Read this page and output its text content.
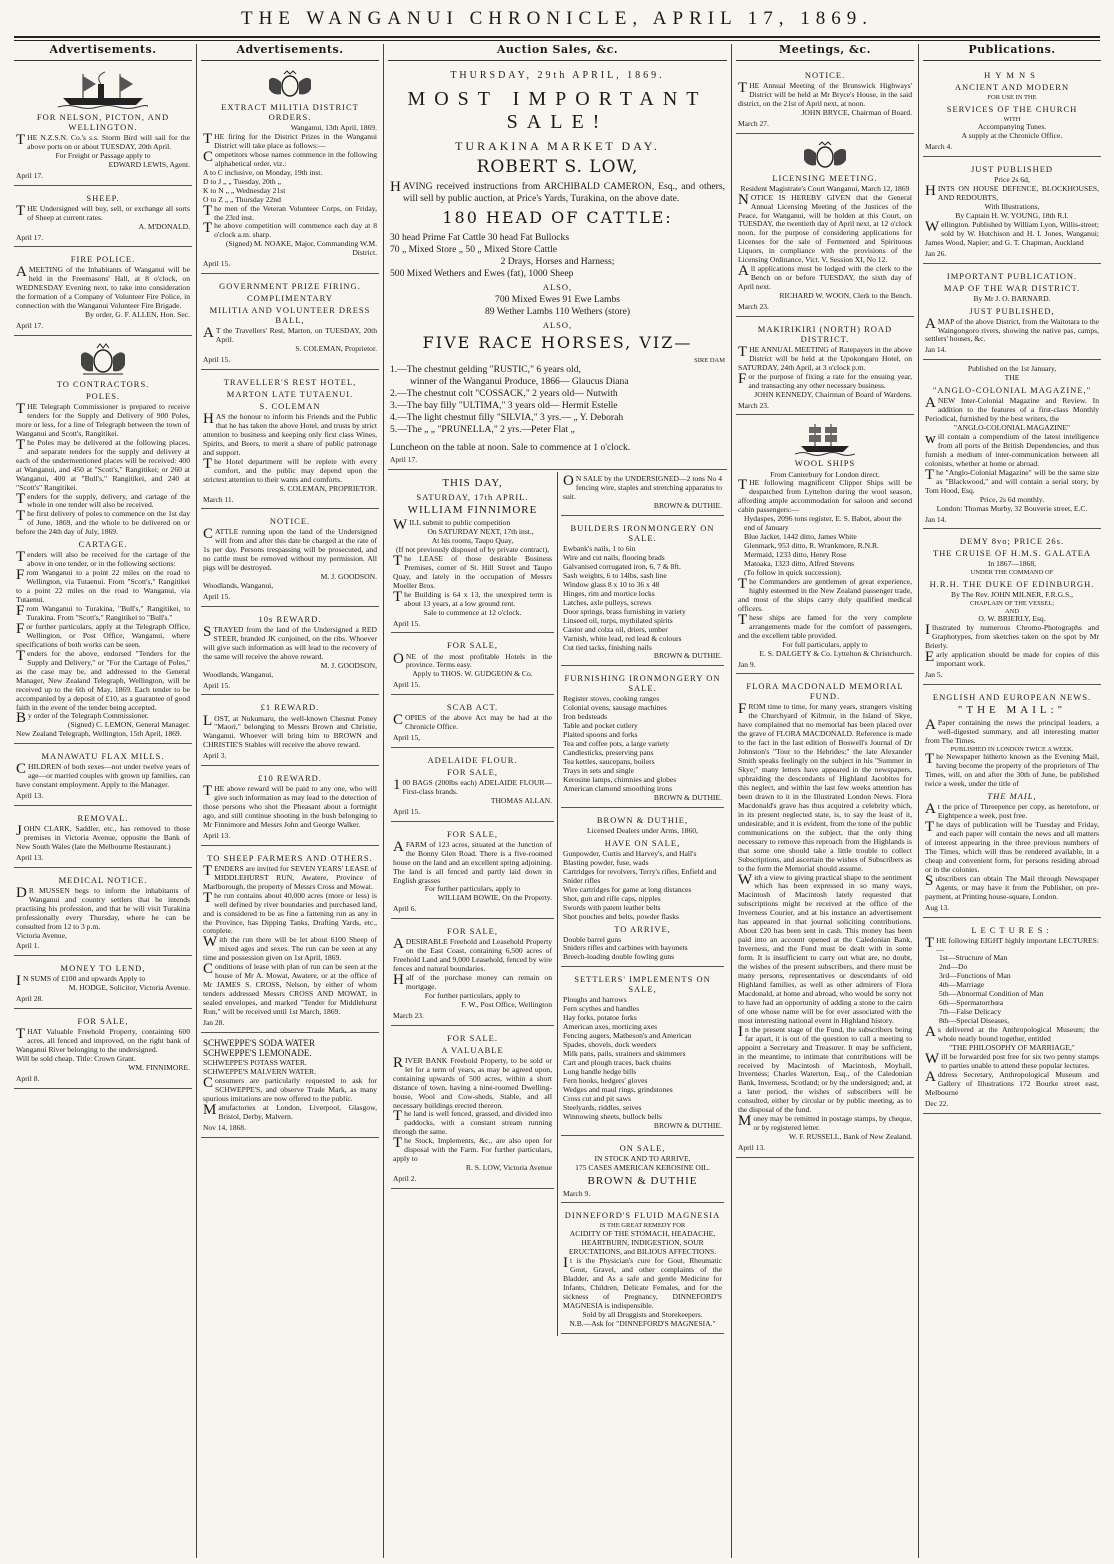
THE WANGANUI CHRONICLE, APRIL 17, 1869.
Advertisements.
FOR NELSON, PICTON, AND WELLINGTON.
THE N.Z.S.N. Co.'s s.s. Storm Bird will sail for the above ports on or about TUESDAY, 20th April.
For Freight or Passage apply to
EDWARD LEWIS, Agent.
April 17.
SHEEP.
THE Undersigned will buy, sell, or exchange all sorts of Sheep at current rates.
A. M'DONALD.
April 17.
FIRE POLICE.
AMEETING of the Inhabitants of Wanganui will be held in the Freemasons' Hall, at 8 o'clock, on WEDNESDAY Evening next, to take into consideration the formation of a Company of Volunteer Fire Police, in connection with the Wanganui Volunteer Fire Brigade.
By order, G. F. ALLEN, Hon. Sec.
April 17.
TO CONTRACTORS.
POLES.
THE Telegraph Commissioner is prepared to receive tenders for the Supply and Delivery of 900 Poles, more or less, for a line of Telegraph between the town of Wanganui and Scott's, Rangitikei.
The Poles may be delivered at the following places, and separate tenders for the supply and delivery at each of the undermentioned places will be received: 400 at Wanganui, and 450 at "Scott's," Rangitikei; or 260 at Wanganui, 400 at "Bull's," Rangitikei, and 240 at "Scott's" Rangitikei.
Tenders for the supply, delivery, and cartage of the whole in one tender will also be received.
The first delivery of poles to commence on the 1st day of June, 1869, and the whole to be delivered on or before the 24th day of July, 1869.
CARTAGE.
Tenders will also be received for the cartage of the above in one tender, or in the following sections:
From Wanganui to a point 22 miles on the road to Wellington, via Tutaenui. From "Scott's," Rangitikei to a point 22 miles on the road to Wanganui, via Tutaenui.
From Wanganui to Turakina, "Bull's," Rangitikei, to Turakina. From "Scott's," Rangitikei to "Bull's."
For further particulars, apply at the Telegraph Office, Wellington, or Post Office, Wanganui, where specifications of both works can be seen.
Tenders for the above, endorsed "Tenders for the Supply and Delivery," or "For the Cartage of Poles," as the case may be, and addressed to the General Manager, New Zealand Telegraph, Wellington, will be received up to the 6th of May, 1869. Each tender to be accompanied by a deposit of £10, as a guarantee of good faith in the event of the tender being accepted.
By order of the Telegraph Commissioner.
(Signed) C. LEMON, General Manager.
New Zealand Telegraph, Wellington, 15th April, 1869.
MANAWATU FLAX MILLS.
CHILDREN of both sexes—not under twelve years of age—or married couples with grown up families, can have constant employment. Apply to the Manager.
April 13.
REMOVAL.
JOHN CLARK, Saddler, etc., has removed to those premises in Victoria Avenue, opposite the Bank of New South Wales (late the Melbourne Restaurant.)
April 13.
MEDICAL NOTICE.
DR MUSSEN begs to inform the inhabitants of Wanganui and country settlers that he intends practising his profession, and that he will visit Turakina professionally every Thursday, where he can be consulted from 12 to 3 p.m.
Victoria Avenue,
April 1.
MONEY TO LEND,
IN SUMS of £100 and upwards Apply to
M. HODGE, Solicitor, Victoria Avenue.
April 28.
FOR SALE,
THAT Valuable Freehold Property, containing 600 acres, all fenced and improved, on the right bank of Wanganui River belonging to the undersigned.
Will be sold cheap. Title: Crown Grant.
WM. FINNIMORE.
April 8.
Advertisements.
EXTRACT MILITIA DISTRICT ORDERS.
Wanganui, 13th April, 1869.
THE firing for the District Prizes in the Wanganui District will take place as follows:—
Competitors whose names commence in the following alphabetical order, viz.:
A to C inclusive, on Monday, 19th inst.
D to J „ „ Tuesday, 20th „
K to N „ „ Wednesday 21st
O to Z „ „ Thursday 22nd
The men of the Veteran Volunteer Corps, on Friday, the 23rd inst.
The above competition will commence each day at 8 o'clock a.m. sharp.
(Signed) M. NOAKE, Major, Commanding W.M. District.
April 15.
GOVERNMENT PRIZE FIRING.
COMPLIMENTARY
MILITIA AND VOLUNTEER DRESS BALL,
AT the Travellers' Rest, Marton, on TUESDAY, 20th April.
S. COLEMAN, Proprietor.
April 15.
TRAVELLER'S REST HOTEL,
MARTON LATE TUTAENUI.
S. COLEMAN
HAS the honour to inform his Friends and the Public that he has taken the above Hotel, and trusts by strict attention to business and keeping only first class Wines, Spirits, and Beers, to merit a share of public patronage and support.
The Hotel department will be replete with every comfort, and the public may depend upon the strictest attention to their wants and comforts.
S. COLEMAN, PROPRIETOR.
March 11.
NOTICE.
CATTLE running upon the land of the Undersigned will from and after this date be charged at the rate of 1s per day. Persons trespassing will be prosecuted, and no cattle must be removed without my permission. All pigs will be destroyed.
M. J. GOODSON.
Woodlands, Wanganui,
April 15.
10s REWARD.
STRAYED from the land of the Undersigned a RED STEER, branded JK conjoined, on the ribs. Whoever will give such information as will lead to the recovery of the same will receive the above reward.
M. J. GOODSON,
Woodlands, Wanganui,
April 15.
£1 REWARD.
LOST, at Nukumaru, the well-known Chesnut Poney "Maori," belonging to Messrs Brown and Christie, Wanganui. Whoever will bring him to BROWN and CHRISTIE'S Stables will receive the above reward.
April 3.
£10 REWARD.
THE above reward will be paid to any one, who will give such information as may lead to the detection of those persons who shot the Pheasant about a fortnight ago, and still continue shooting in the bush belonging to Mr Finnimore and Messrs John and George Walker.
April 13.
TO SHEEP FARMERS AND OTHERS.
TENDERS are invited for SEVEN YEARS' LEASE of MIDDLEHURST RUN, Awatere, Province of Marlborough, the property of Messrs Cross and Mowat.
The run contains about 40,000 acres (more or less) is well defined by river boundaries and purchased land, and is considered to be as fine a fattening run as any in the Province, has Dipping Tanks, Drafting Yards, etc., complete.
With the run there will be let about 6100 Sheep of mixed ages and sexes. The run can be seen at any time and possession given on 1st April, 1869.
Conditions of lease with plan of run can be seen at the house of Mr A. Mowat, Awatere, or at the office of Mr JAMES S. CROSS, Nelson, by either of whom tenders addressed Messrs CROSS AND MOWAT, in sealed envelopes, and marked "Tender for Middlehurst Run," will be received until 1st March, 1869.
Jan 28.
SCHWEPPE'S SODA WATER
SCHWEPPE'S LEMONADE.
SCHWEPPE'S POTASS WATER.
SCHWEPPE'S MALVERN WATER.
Consumers are particularly requested to ask for SCHWEPPE'S, and observe Trade Mark, as many spurious imitations are now offered to the public.
Manufactories at London, Liverpool, Glasgow, Bristol, Derby, Malvern.
Nov 14, 1868.
Auction Sales, &c.
THURSDAY, 29th APRIL, 1869.
MOST IMPORTANT SALE!
TURAKINA MARKET DAY.
ROBERT S. LOW,
HAVING received instructions from ARCHIBALD CAMERON, Esq., and others, will sell by public auction, at Price's Yards, Turakina, on the above date.
180 HEAD OF CATTLE:
30 head Prime Fat Cattle 30 head Fat Bullocks
70 „ Mixed Store „ 50 „ Mixed Store Cattle
2 Drays, Horses and Harness;
500 Mixed Wethers and Ewes (fat), 1000 Sheep
ALSO,
700 Mixed Ewes 91 Ewe Lambs
89 Wether Lambs 110 Wethers (store)
ALSO,
FIVE RACE HORSES, VIZ—
SIRE DAM
1.—The chestnut gelding "RUSTIC," 6 years old,
winner of the Wanganui Produce, 1866— Glaucus Diana
2.—The chestnut colt "COSSACK," 2 years old— Nutwith
3.—The bay filly "ULTIMA," 3 years old— Hermit Estelle
4.—The light chestnut filly "SILVIA," 3 yrs.— „ Y. Deborah
5.—The „ „ "PRUNELLA," 2 yrs.—Peter Flat „
Luncheon on the table at noon. Sale to commence at 1 o'clock.
April 17.
THIS DAY,
SATURDAY, 17th APRIL.
WILLIAM FINNIMORE
WILL submit to public competition
On SATURDAY NEXT, 17th inst.,
At his rooms, Taupo Quay,
(If not previously disposed of by private contract),
The LEASE of those desirable Business Premises, corner of St. Hill Street and Taupo Quay, and lately in the occupation of Messrs Moeller Bros.
The Building is 64 x 13, the unexpired term is about 13 years, at a low ground rent.
Sale to commence at 12 o'clock.
April 15.
FOR SALE,
ONE of the most profitable Hotels in the province. Terms easy.
Apply to THOS. W. GUDGEON & Co.
April 15.
SCAB ACT.
COPIES of the above Act may be had at the Chronicle Office.
April 15,
ADELAIDE FLOUR.
FOR SALE,
100 BAGS (200lbs each) ADELAIDE FLOUR—First-class brands.
THOMAS ALLAN.
April 15.
FOR SALE,
AFARM of 123 acres, situated at the Junction of the Bonny Glen Road. There is a five-roomed house on the land and an excellent spring adjoining. The land is all fenced and partly laid down in English grasses
For further particulars, apply to
WILLIAM BOWIE, On the Property.
April 6.
FOR SALE,
ADESIRABLE Freehold and Leasehold Property on the East Coast, containing 6,500 acres of Freehold Land and 9,000 Leasehold, fenced by wire fences and natural boundaries.
Half of the purchase money can remain on mortgage.
For further particulars, apply to
F. W., Post Office, Wellington
March 23.
FOR SALE.
A VALUABLE
RIVER BANK Freehold Property, to be sold or let for a term of years, as may be agreed upon, containing upwards of 500 acres, within a short distance of town, having a nine-roomed Dwelling-house, Wool and Cow-sheds, Stable, and all necessary buildings erected thereon.
The land is well fenced, grassed, and divided into paddocks, with a constant stream running through the same.
The Stock, Implements, &c., are also open for disposal with the Farm. For further particulars, apply to
R. S. LOW, Victoria Avenue
April 2.
ON SALE by the UNDERSIGNED—2 tons No 4 fencing wire, staples and stretching apparatus to suit.
BROWN & DUTHIE.
BUILDERS IRONMONGERY ON SALE.
Ewbank's nails, 1 to 6in
Wire and cut nails, flooring brads
Galvanised corrugated iron, 6, 7 & 8ft.
Sash weights, 6 to 14lbs, sash line
Window glass 8 x 10 to 36 x 48
Hinges, rim and mortice locks
Latches, axle pulleys, screws
Door springs, brass furnishing in variety
Linseed oil, turps, mythilated spirits
Castor and colza oil, driers, umber
Varnish, white lead, red lead & colours
Cut tied tacks, finishing nails
BROWN & DUTHIE.
FURNISHING IRONMONGERY ON SALE.
Register stoves, cooking ranges
Colonial ovens, sausage machines
Iron bedsteads
Table and pocket cutlery
Plaited spoons and forks
Tea and coffee pots, a large variety
Candlesticks, preserving pans
Tea kettles, saucepans, boilers
Trays in sets and single
Kerosine lamps, chimnies and globes
American clamond smoothing irons
BROWN & DUTHIE.
BROWN & DUTHIE,
Licensed Dealers under Arms, 1860,
HAVE ON SALE,
Gunpowder, Curtis and Harvey's, and Hall's
Blasting powder, fuse, wads
Cartridges for revolvers, Terry's rifles, Enfield and Snider rifles
Wire cartridges for game at long distances
Shot, gun and rifle caps, nipples
Swords with patent leather belts
Shot pouches and belts, powder flasks
TO ARRIVE,
Double barrel guns
Sniders rifles and carbines with bayonets
Breech-loading double fowling guns
SETTLERS' IMPLEMENTS ON SALE,
Ploughs and harrows
Fern scythes and handles
Hay forks, potatoe forks
American axes, morticing axes
Fencing augers, Matheson's and American
Spades, shovels, dock weeders
Milk pans, pails, strainers and skimmers
Cart and plough traces, back chains
Long handle hedge bills
Fern hooks, hedgers' gloves
Wedges and maul rings, grindstones
Cross cut and pit saws
Steelyards, riddles, seives
Winnowing sheets, bullock bells
BROWN & DUTHIE.
ON SALE,
IN STOCK AND TO ARRIVE,
175 CASES AMERICAN KEROSINE OIL.
BROWN & DUTHIE
March 9.
DINNEFORD'S FLUID MAGNESIA
IS THE GREAT REMEDY FOR
ACIDITY OF THE STOMACH, HEADACHE, HEARTBURN, INDIGESTION, SOUR ERUCTATIONS, and BILIOUS AFFECTIONS.
It is the Physician's cure for Gout, Rheumatic Gout, Gravel, and other complaints of the Bladder, and As a safe and gentle Medicine for Infants, Children, Delicate Females, and for the sickness of Pregnancy, DINNEFORD'S MAGNESIA is indispensible.
Sold by all Druggists and Storekeepers.
N.B.—Ask for "DINNEFORD'S MAGNESIA."
Meetings, &c.
NOTICE.
THE Annual Meeting of the Brunswick Highways' District will be held at Mr Bryce's House, in the said district, on the 21st of April next, at noon.
JOHN BRYCE, Chairman of Board.
March 27.
LICENSING MEETING.
Resident Magistrate's Court Wanganui, March 12, 1869
NOTICE IS HEREBY GIVEN that the General Annual Licensing Meeting of the Justices of the Peace, for Wanganui, will be holden at this Court, on TUESDAY, the twentieth day of April next, at 12 o'clock noon, for the purpose of considering applications for Licenses for the sale of Fermented and Spirituous Liquors, in compliance with the provisions of the Licensing Ordinance, Vict. V, Session XI, No 12.
All applications must be lodged with the clerk to the Bench on or before TUESDAY, the sixth day of April next.
RICHARD W. WOON, Clerk to the Bench.
March 23.
MAKIRIKIRI (NORTH) ROAD DISTRICT.
THE ANNUAL MEETING of Ratepayers in the above District will be held at the Upokongaro Hotel, on SATURDAY, 24th April, at 3 o'clock p.m.
For the purpose of fixing a rate for the ensuing year, and transacting any other necessary business.
JOHN KENNEDY, Chairman of Board of Wardens.
March 23.
WOOL SHIPS
From Canterbury for London direct.
THE following magnificent Clipper Ships will be despatched from Lyttelton during the wool season, affording ample accommodation for saloon and second cabin passengers:—
Hydaspes, 2096 tons register, E. S. Babot, about the end of January
Blue Jacket, 1442 ditto, James White
Glenmark, 953 ditto, R. Wrankmore, R.N.R.
Mermaid, 1233 ditto, Henry Rose
Matoaka, 1323 ditto, Alfred Stevens
(To follow in quick succession).
The Commanders are gentlemen of great experience, highly esteemed in the New Zealand passenger trade, and most of the ships carry duly qualified medical officers.
These ships are famed for the very complete arrangements made for the comfort of passengers, and the excellent table provided.
For full particulars, apply to
E. S. DALGETY & Co. Lyttelton & Christchurch.
Jan 9.
FLORA MACDONALD MEMORIAL FUND.
FROM time to time, for many years, strangers visiting the Churchyard of Kilmuir, in the Island of Skye, have complained that no memorial has been placed over the grave of FLORA MACDONALD. Reference is made to the fact in the last edition of Boswell's Journal of Dr Johnston's "Tour to the Hebrides;" the late Alexander Smith speaks feelingly on the subject in his "Summer in Skye;" many letters have appeared in the newspapers, upbraiding the descendants of Highland Jacobites for this neglect, and within the last few weeks attention has been drawn to it in the Illustrated London News. Flora Macdonald's grave has thus acquired a celebrity which, in its present neglected state, is, to say the least of it, undesirable; and it is evident, from the tone of the public communications on the subject, that the only thing necessary to remove this reproach from the Highlands is that some one should take a little trouble to collect Subscriptions, and ascertain the wishes of Subscribers as to the form the Memorial should assume.
With a view to giving practical shape to the sentiment which has been expressed in so many ways, Macintosh of Macintosh lately requested that subscriptions might be received at the office of the Inverness Courier, and at his instance an advertisement has appeared in that journal soliciting contributions. About £20 has been sent in cash. This money has been paid into an account opened at the Caledonian Bank, Inverness, and the Fund must be dealt with in some form. It is insufficient to carry out what are, no doubt, the wishes of the present subscribers, and there must be many persons, representatives or descendants of old Highland families, as well as other admirers of Flora Macdonald, at home and abroad, who would be sorry not to have had an opportunity of adding a stone to the cairn of one whose name will be for ever associated with the most interesting national event in Highland history.
In the present stage of the Fund, the subscribers being far apart, it is out of the question to call a meeting to appoint a Secretary and Treasurer. It may be sufficient, in the meantime, to intimate that contributions will be received by Macintosh of Macintosh, Moyhall, Inverness; Charles Waterton, Esq., of the Caledonian Bank, Inverness, Scotland; or by the undersigned; and, at a later period, the wishes of subscribers will be consulted, either by circular or by public meeting, as to the disposal of the fund.
Money may be remitted in postage stamps, by cheque, or by registered letter.
W. F. RUSSELL, Bank of New Zealand.
April 13.
Publications.
HYMNS
ANCIENT AND MODERN
FOR USE IN THE
SERVICES OF THE CHURCH
WITH
Accompanying Tunes.
A supply at the Chronicle Office.
March 4.
JUST PUBLISHED
Price 2s 6d,
HINTS ON HOUSE DEFENCE, BLOCKHOUSES, AND REDOUBTS,
With Illustrations,
By Captain H. W. YOUNG, 18th R.I.
Wellington. Published by William Lyon, Willis-street; sold by W. Hutchison and H. I. Jones, Wanganui; James Wood, Napier; and G. T. Chapman, Auckland
Jan 26.
IMPORTANT PUBLICATION.
MAP OF THE WAR DISTRICT.
By Mr J. O. BARNARD.
JUST PUBLISHED,
AMAP of the above District, from the Waitotara to the Waingongoro rivers, showing the native pas, camps, settlers' houses, &c.
Jan 14.
Published on the 1st January,
THE
"ANGLO-COLONIAL MAGAZINE,"
ANEW Inter-Colonial Magazine and Review. In addition to the features of a first-class Monthly Periodical, furnished by the best writers, the
"ANGLO-COLONIAL MAGAZINE"
will contain a compendium of the latest intelligence from all ports of the British Dependencies, and thus furnish a medium of inter-communication between all colonists, whether at home or abroad.
The "Anglo-Colonial Magazine" will be the same size as "Blackwood," and will contain a serial story, by Tom Hood, Esq.
Price, 2s 6d monthly.
London: Thomas Murby, 32 Bouverie street, E.C.
Jan 14.
DEMY 8vo; PRICE 26s.
THE CRUISE OF H.M.S. GALATEA
In 1867—1868,
UNDER THE COMMAND OF
H.R.H. THE DUKE OF EDINBURGH.
By The Rev. JOHN MILNER, F.R.G.S.,
CHAPLAIN OF THE VESSEL;
AND
O. W. BRIERLY, Esq.
Illustrated by numerous Chromo-Photographs and Graphotypes, from sketches taken on the spot by Mr Brierly.
Early application should be made for copies of this important work.
Jan 5.
ENGLISH AND EUROPEAN NEWS.
"THE MAIL:"
APaper containing the news the principal leaders, a well-digested summary, and all interesting matter from The Times.
PUBLISHED IN LONDON TWICE A WEEK.
The Newspaper hitherto known as the Evening Mail, having become the property of the proprietors of The Times, will, on and after the 30th of June, be published twice a week, under the title of
THE MAIL,
At the price of Threepence per copy, as heretofore, or Eightpence a week, post free.
The days of publication will be Tuesday and Friday, and each paper will contain the news and all matters of interest appearing in the three previous numbers of The Times, which will thus be rendered available, in a cheap and convenient form, for persons residing abroad or in the colonies.
Subscribers can obtain The Mail through Newspaper Agents, or may have it from the Publisher, on pre-payment, at Printing house-square, London.
Aug 13.
LECTURES:
THE following EIGHT highly important LECTURES:—
1st—Structure of Man
2nd—Do
3rd—Functions of Man
4th—Marriage
5th—Abnormal Condition of Man
6th—Spermatorrhœa
7th—False Delicacy
8th—Special Diseases,
As delivered at the Anthropological Museum; the whole neatly bound together, entitled
"THE PHILOSOPHY OF MARRIAGE,"
Will be forwarded post free for six two penny stamps to parties unable to attend these popular lectures.
Address Secretary, Anthropological Museum and Gallery of Illustrations 172 Bourke street east, Melbourne
Dec 22.
